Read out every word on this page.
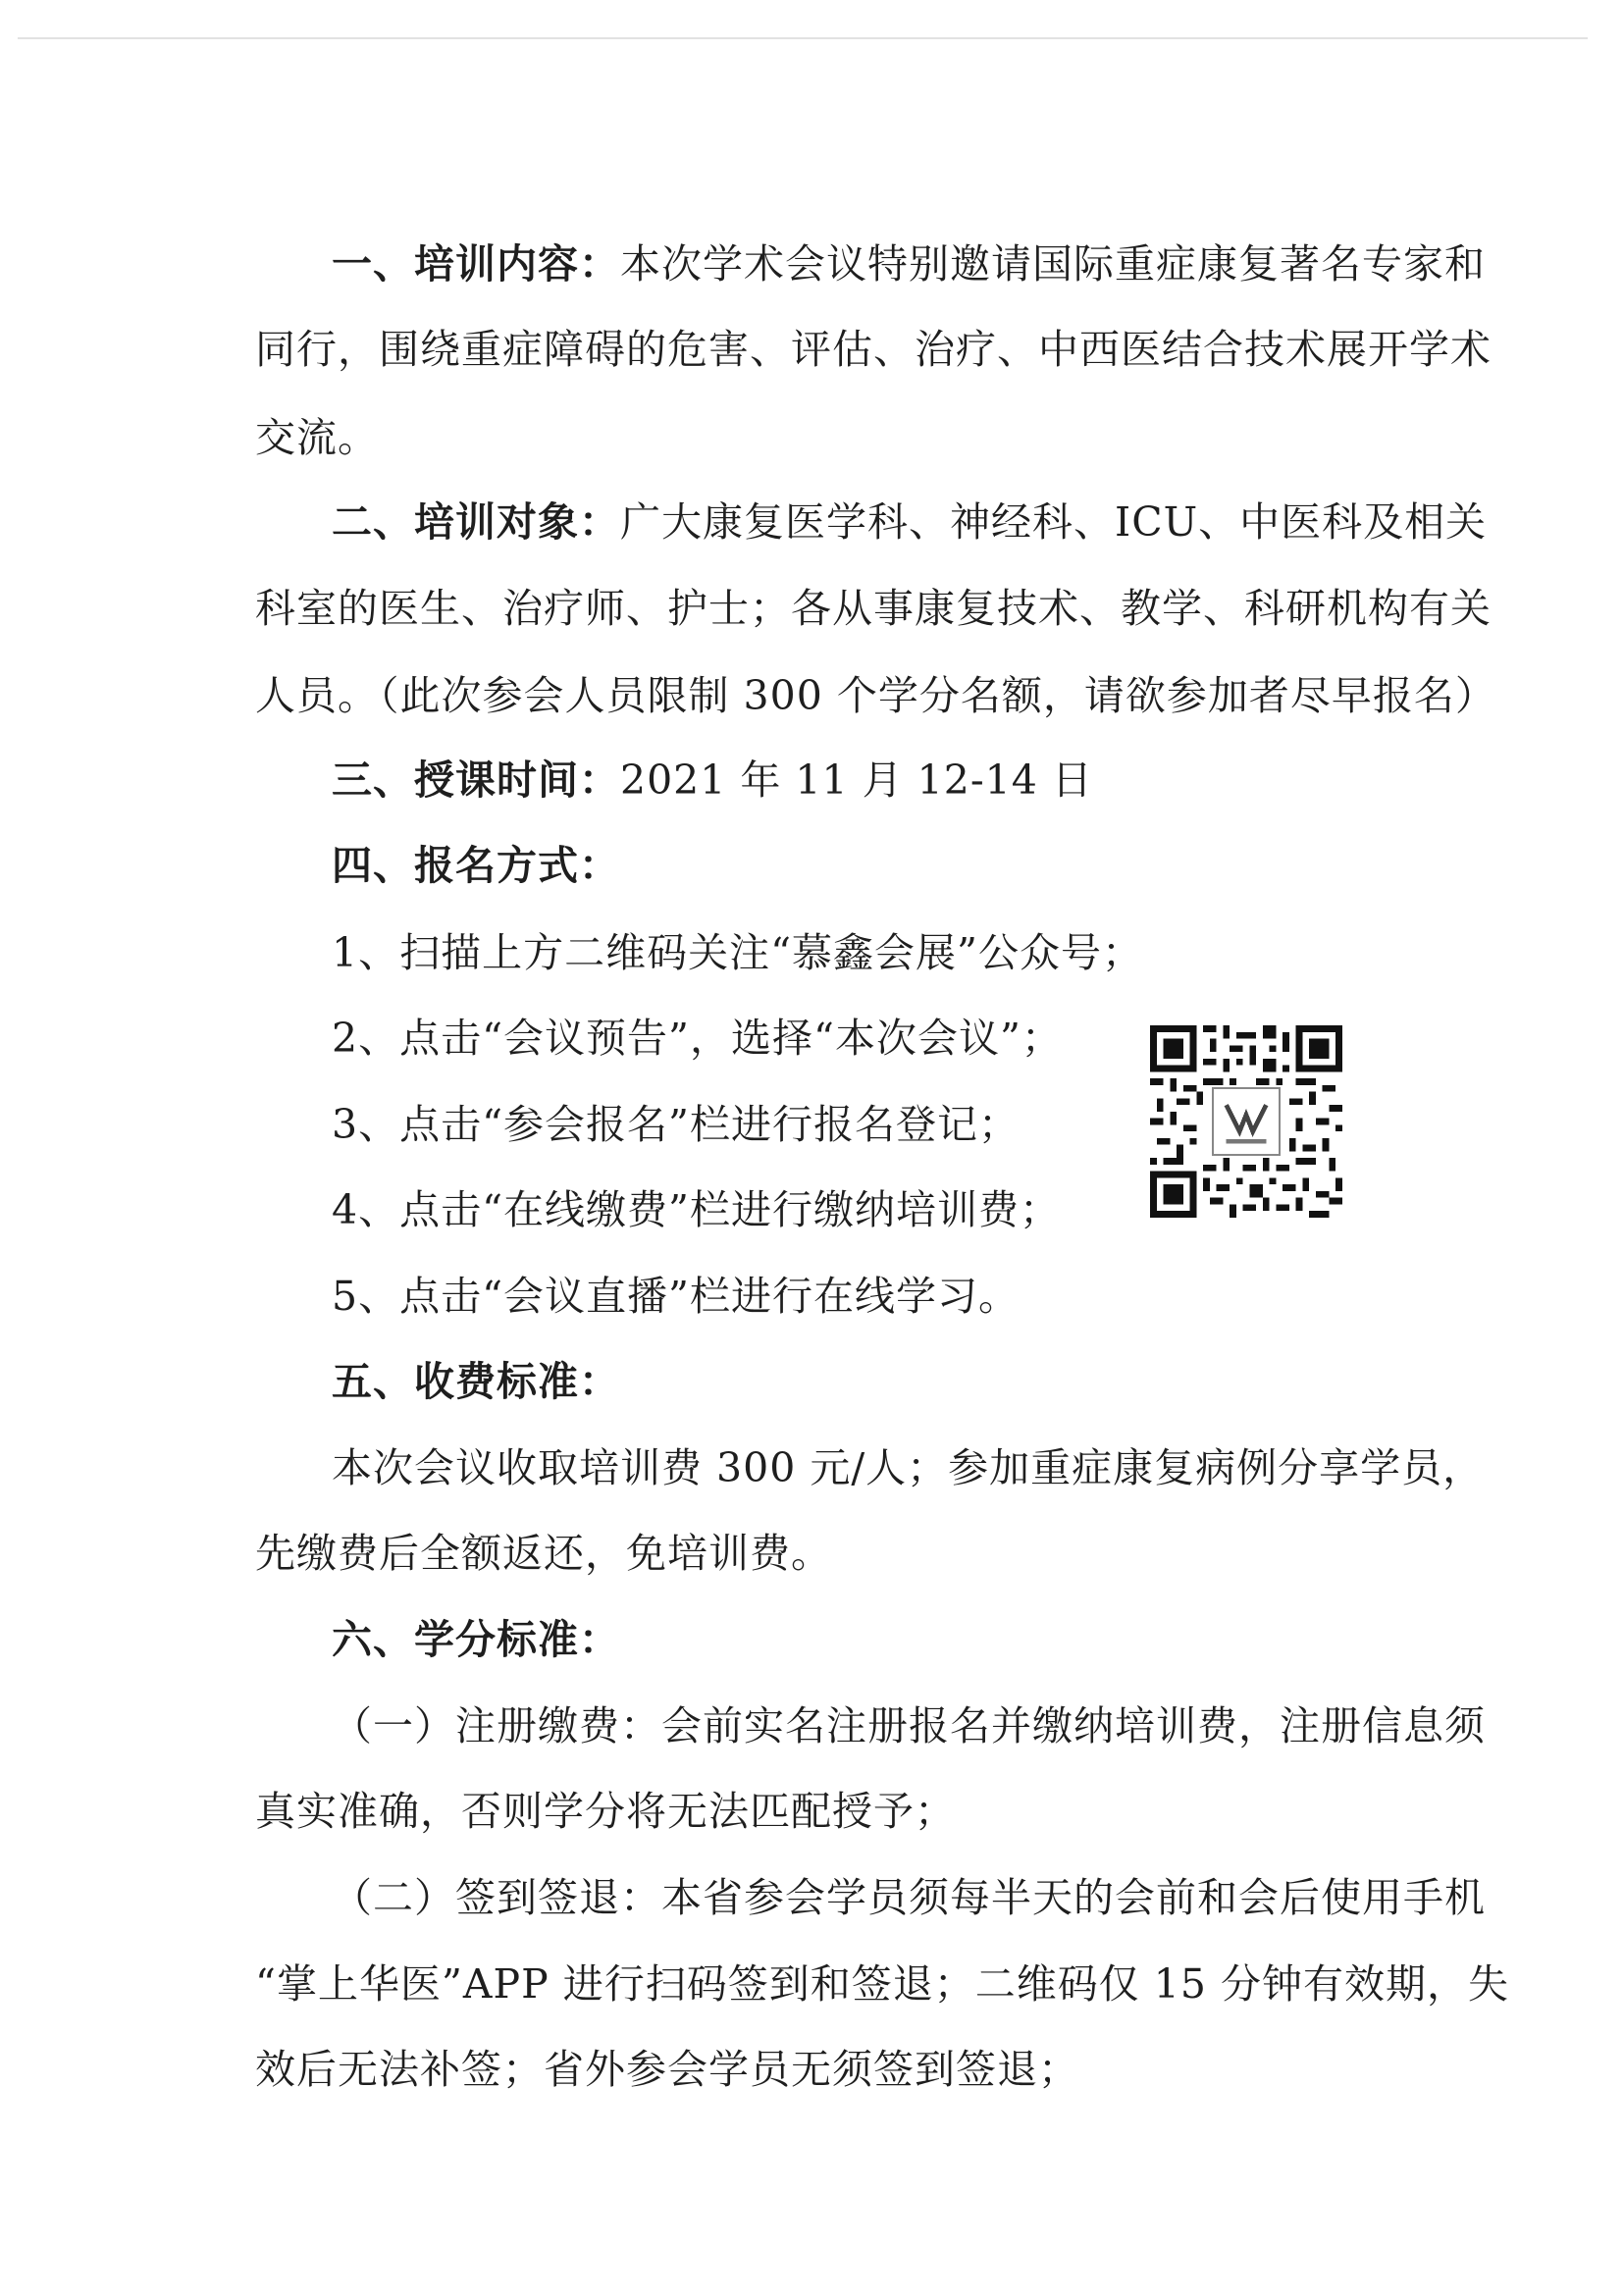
一、培训内容：本次学术会议特别邀请国际重症康复著名专家和
同行，围绕重症障碍的危害、评估、治疗、中西医结合技术展开学术
交流。
二、培训对象：广大康复医学科、神经科、ICU、中医科及相关
科室的医生、治疗师、护士；各从事康复技术、教学、科研机构有关
人员。（此次参会人员限制 300 个学分名额，请欲参加者尽早报名）
三、授课时间：2021 年 11 月 12-14 日
四、报名方式：
1、扫描上方二维码关注“慕鑫会展”公众号；
2、点击“会议预告”，选择“本次会议”；
3、点击“参会报名”栏进行报名登记；
4、点击“在线缴费”栏进行缴纳培训费；
5、点击“会议直播”栏进行在线学习。
五、收费标准：
本次会议收取培训费 300 元/人；参加重症康复病例分享学员，
先缴费后全额返还，免培训费。
六、学分标准：
（一）注册缴费：会前实名注册报名并缴纳培训费，注册信息须
真实准确，否则学分将无法匹配授予；
（二）签到签退：本省参会学员须每半天的会前和会后使用手机
“掌上华医”APP 进行扫码签到和签退；二维码仅 15 分钟有效期，失
效后无法补签；省外参会学员无须签到签退；
